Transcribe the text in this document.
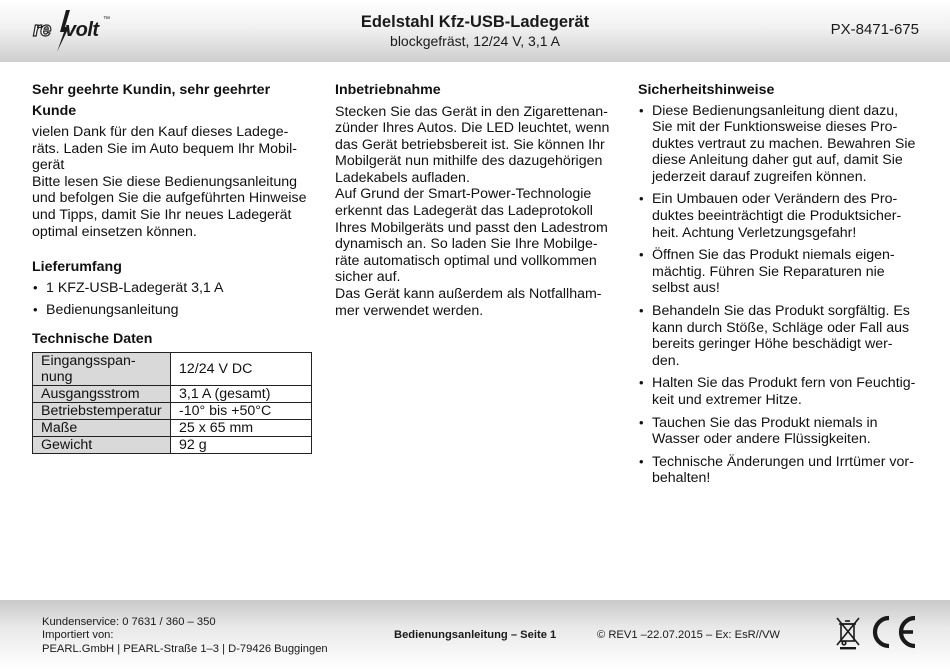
re volt ™	Edelstahl Kfz-USB-Ladegerät
blockgefräst, 12/24 V, 3,1 A
PX-8471-675
Sehr geehrte Kundin, sehr geehrter
Kunde
vielen Dank für den Kauf dieses Ladege-
räts. Laden Sie im Auto bequem Ihr Mobil-
gerät
Bitte lesen Sie diese Bedienungsanleitung
und befolgen Sie die aufgeführten Hinweise
und Tipps, damit Sie Ihr neues Ladegerät
optimal einsetzen können.
Lieferumfang
• 1 KFZ-USB-Ladegerät 3,1 A
• Bedienungsanleitung
Technische Daten
Eingangsspan-
nung	12/24 V DC
Ausgangsstrom	3,1 A (gesamt)
Betriebstemperatur	-10° bis +50°C
Maße	25 x 65 mm
Gewicht	92 g
Inbetriebnahme
Stecken Sie das Gerät in den Zigarettenan-
zünder Ihres Autos. Die LED leuchtet, wenn
das Gerät betriebsbereit ist. Sie können Ihr
Mobilgerät nun mithilfe des dazugehörigen
Ladekabels aufladen.
Auf Grund der Smart-Power-Technologie
erkennt das Ladegerät das Ladeprotokoll
Ihres Mobilgeräts und passt den Ladestrom
dynamisch an. So laden Sie Ihre Mobilge-
räte automatisch optimal und vollkommen
sicher auf.
Das Gerät kann außerdem als Notfallham-
mer verwendet werden.
Sicherheitshinweise
• Diese Bedienungsanleitung dient dazu,
Sie mit der Funktionsweise dieses Pro-
duktes vertraut zu machen. Bewahren Sie
diese Anleitung daher gut auf, damit Sie
jederzeit darauf zugreifen können.
• Ein Umbauen oder Verändern des Pro-
duktes beeinträchtigt die Produktsicher-
heit. Achtung Verletzungsgefahr!
• Öffnen Sie das Produkt niemals eigen-
mächtig. Führen Sie Reparaturen nie
selbst aus!
• Behandeln Sie das Produkt sorgfältig. Es
kann durch Stöße, Schläge oder Fall aus
bereits geringer Höhe beschädigt wer-
den.
• Halten Sie das Produkt fern von Feuchtig-
keit und extremer Hitze.
• Tauchen Sie das Produkt niemals in
Wasser oder andere Flüssigkeiten.
• Technische Änderungen und Irrtümer vor-
behalten!
Kundenservice: 0 7631 / 360 – 350
Importiert von:
PEARL.GmbH | PEARL-Straße 1–3 | D-79426 Buggingen
Bedienungsanleitung – Seite 1	© REV1 –22.07.2015 – Ex: EsR//VW
